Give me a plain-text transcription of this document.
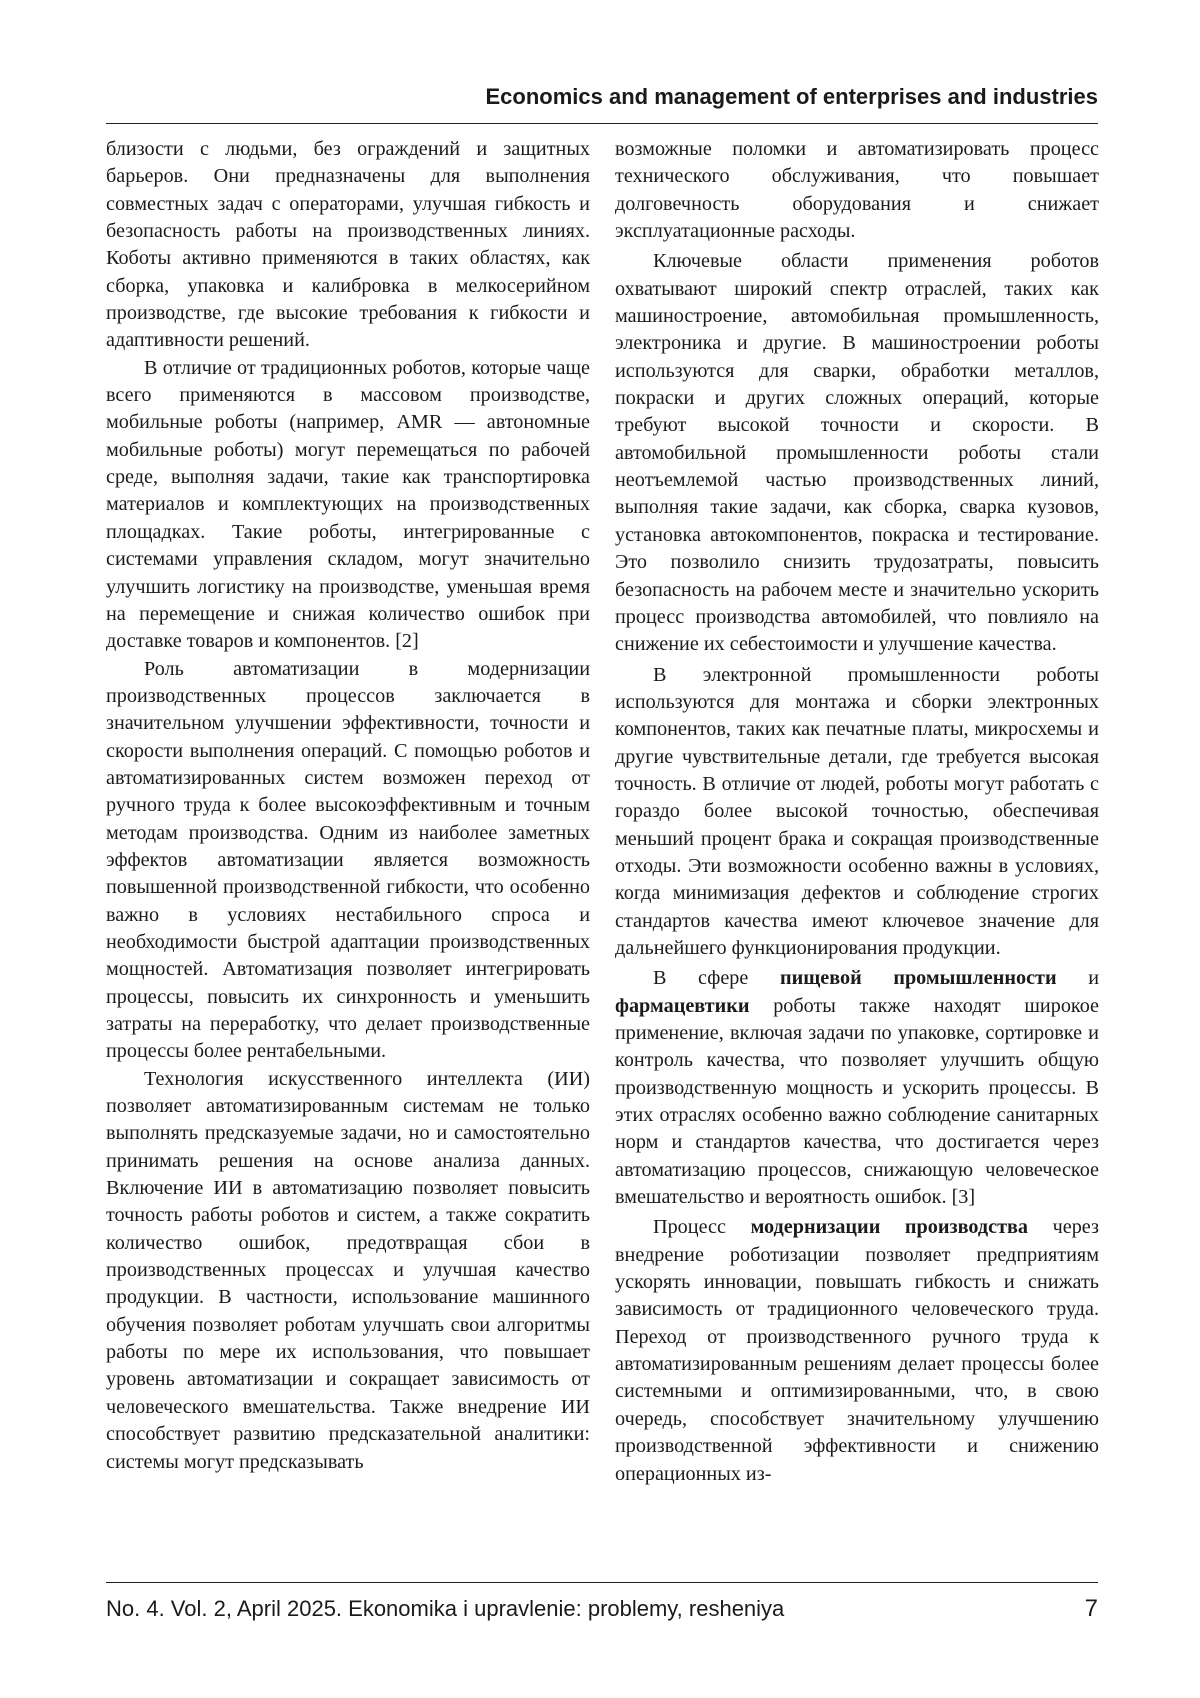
Economics and management of enterprises and industries

близости с людьми, без ограждений и защитных барьеров. Они предназначены для выполнения совместных задач с операторами, улучшая гибкость и безопасность работы на производственных линиях. Коботы активно применяются в таких областях, как сборка, упаковка и калибровка в мелкосерийном производстве, где высокие требования к гибкости и адаптивности решений.

В отличие от традиционных роботов, которые чаще всего применяются в массовом производстве, мобильные роботы (например, AMR — автономные мобильные роботы) могут перемещаться по рабочей среде, выполняя задачи, такие как транспортировка материалов и комплектующих на производственных площадках. Такие роботы, интегрированные с системами управления складом, могут значительно улучшить логистику на производстве, уменьшая время на перемещение и снижая количество ошибок при доставке товаров и компонентов. [2]

Роль автоматизации в модернизации производственных процессов заключается в значительном улучшении эффективности, точности и скорости выполнения операций. С помощью роботов и автоматизированных систем возможен переход от ручного труда к более высокоэффективным и точным методам производства. Одним из наиболее заметных эффектов автоматизации является возможность повышенной производственной гибкости, что особенно важно в условиях нестабильного спроса и необходимости быстрой адаптации производственных мощностей. Автоматизация позволяет интегрировать процессы, повысить их синхронность и уменьшить затраты на переработку, что делает производственные процессы более рентабельными.

Технология искусственного интеллекта (ИИ) позволяет автоматизированным системам не только выполнять предсказуемые задачи, но и самостоятельно принимать решения на основе анализа данных. Включение ИИ в автоматизацию позволяет повысить точность работы роботов и систем, а также сократить количество ошибок, предотвращая сбои в производственных процессах и улучшая качество продукции. В частности, использование машинного обучения позволяет роботам улучшать свои алгоритмы работы по мере их использования, что повышает уровень автоматизации и сокращает зависимость от человеческого вмешательства. Также внедрение ИИ способствует развитию предсказательной аналитики: системы могут предсказывать

возможные поломки и автоматизировать процесс технического обслуживания, что повышает долговечность оборудования и снижает эксплуатационные расходы.

Ключевые области применения роботов охватывают широкий спектр отраслей, таких как машиностроение, автомобильная промышленность, электроника и другие. В машиностроении роботы используются для сварки, обработки металлов, покраски и других сложных операций, которые требуют высокой точности и скорости. В автомобильной промышленности роботы стали неотъемлемой частью производственных линий, выполняя такие задачи, как сборка, сварка кузовов, установка автокомпонентов, покраска и тестирование. Это позволило снизить трудозатраты, повысить безопасность на рабочем месте и значительно ускорить процесс производства автомобилей, что повлияло на снижение их себестоимости и улучшение качества.

В электронной промышленности роботы используются для монтажа и сборки электронных компонентов, таких как печатные платы, микросхемы и другие чувствительные детали, где требуется высокая точность. В отличие от людей, роботы могут работать с гораздо более высокой точностью, обеспечивая меньший процент брака и сокращая производственные отходы. Эти возможности особенно важны в условиях, когда минимизация дефектов и соблюдение строгих стандартов качества имеют ключевое значение для дальнейшего функционирования продукции.

В сфере пищевой промышленности и фармацевтики роботы также находят широкое применение, включая задачи по упаковке, сортировке и контроль качества, что позволяет улучшить общую производственную мощность и ускорить процессы. В этих отраслях особенно важно соблюдение санитарных норм и стандартов качества, что достигается через автоматизацию процессов, снижающую человеческое вмешательство и вероятность ошибок. [3]

Процесс модернизации производства через внедрение роботизации позволяет предприятиям ускорять инновации, повышать гибкость и снижать зависимость от традиционного человеческого труда. Переход от производственного ручного труда к автоматизированным решениям делает процессы более системными и оптимизированными, что, в свою очередь, способствует значительному улучшению производственной эффективности и снижению операционных из-

No. 4. Vol. 2, April 2025. Ekonomika i upravlenie: problemy, resheniya	7
